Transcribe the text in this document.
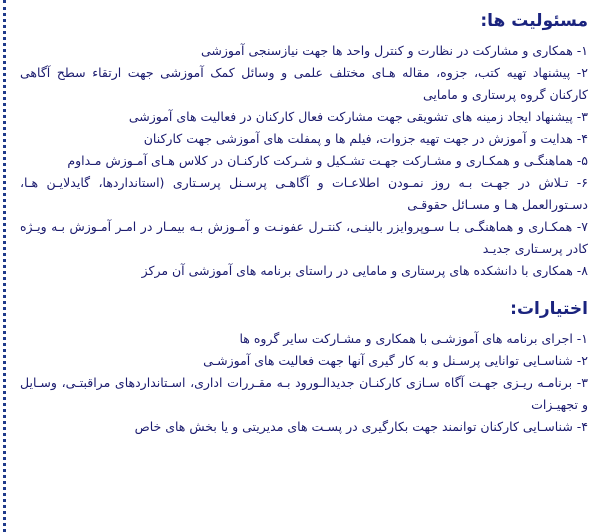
مسئولیت ها:

۱- همکاری و مشارکت در نظارت و کنترل واحد ها جهت نیازسنجی آموزشی

۲- پیشنهاد تهیه کتب، جزوه، مقاله هـای مختلف علمی و وسائل کمک آموزشی جهت ارتقاء سطح آگاهی کارکنان گروه پرستاری و مامایی

۳- پیشنهاد ایجاد زمینه های تشویقی جهت مشارکت فعال کارکنان در فعالیت های آموزشی

۴- هدایت و آموزش در جهت تهیه جزوات، فیلم ها و پمفلت های آموزشی جهت کارکنان

۵- هماهنگـی و همکـاری و مشـارکت جهـت تشـکیل و شـرکت کارکنـان در کلاس هـای آمـوزش مـداوم

۶- تـلاش در جهـت بـه روز نمـودن اطلاعـات و آگاهـی پرسـنل پرسـتاری (استانداردها، گایدلایـن هـا، دسـتورالعمل هـا و مسـائل حقوقـی

۷- همکـاری و هماهنگـی بـا سـوپروایزر بالینـی، کنتـرل عفونـت و آمـوزش بـه بیمـار در امـر آمـوزش بـه ویـژه کادر پرسـتاری جدیـد

۸- همکاری با دانشکده های پرستاری و مامایی در راستای برنامه های آموزشی آن مرکز

اختیارات:

۱- اجرای برنامه های آموزشـی با همکاری و مشـارکت سایر گروه ها

۲- شناسـایی توانایی پرسـنل و به کار گیری آنها جهت فعالیت های آموزشـی

۳- برنامـه ریـزی جهـت آگاه سـازی کارکنـان جدیدالـورود بـه مقـررات اداری، اسـتانداردهای مراقبتـی، وسـایل و تجهیـزات

۴- شناسـایی کارکنان توانمند جهت بکارگیری در پسـت های مدیریتی و یا بخش های خاص
